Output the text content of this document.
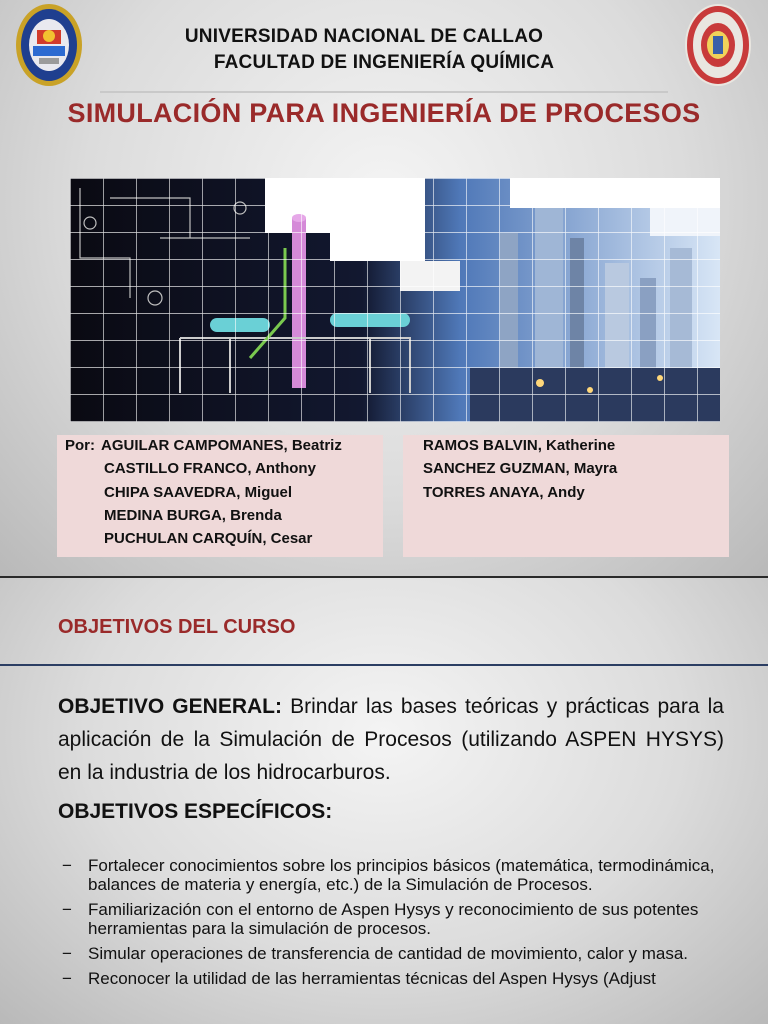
UNIVERSIDAD NACIONAL DE CALLAO
FACULTAD DE INGENIERÍA QUÍMICA
SIMULACIÓN PARA INGENIERÍA DE PROCESOS
Por: AGUILAR CAMPOMANES, Beatriz
CASTILLO FRANCO, Anthony
CHIPA SAAVEDRA, Miguel
MEDINA BURGA, Brenda
PUCHULAN CARQUÍN, Cesar
RAMOS BALVIN, Katherine
SANCHEZ GUZMAN, Mayra
TORRES ANAYA, Andy
OBJETIVOS DEL CURSO
OBJETIVO GENERAL: Brindar las bases teóricas y prácticas para la aplicación de la Simulación de Procesos (utilizando ASPEN HYSYS) en la industria de los hidrocarburos.
OBJETIVOS ESPECÍFICOS:
− Fortalecer conocimientos sobre los principios básicos (matemática, termodinámica, balances de materia y energía, etc.) de la Simulación de Procesos.
− Familiarización con el entorno de Aspen Hysys y reconocimiento de sus potentes herramientas para la simulación de procesos.
− Simular operaciones de transferencia de cantidad de movimiento, calor y masa.
− Reconocer la utilidad de las herramientas técnicas del Aspen Hysys (Adjust
